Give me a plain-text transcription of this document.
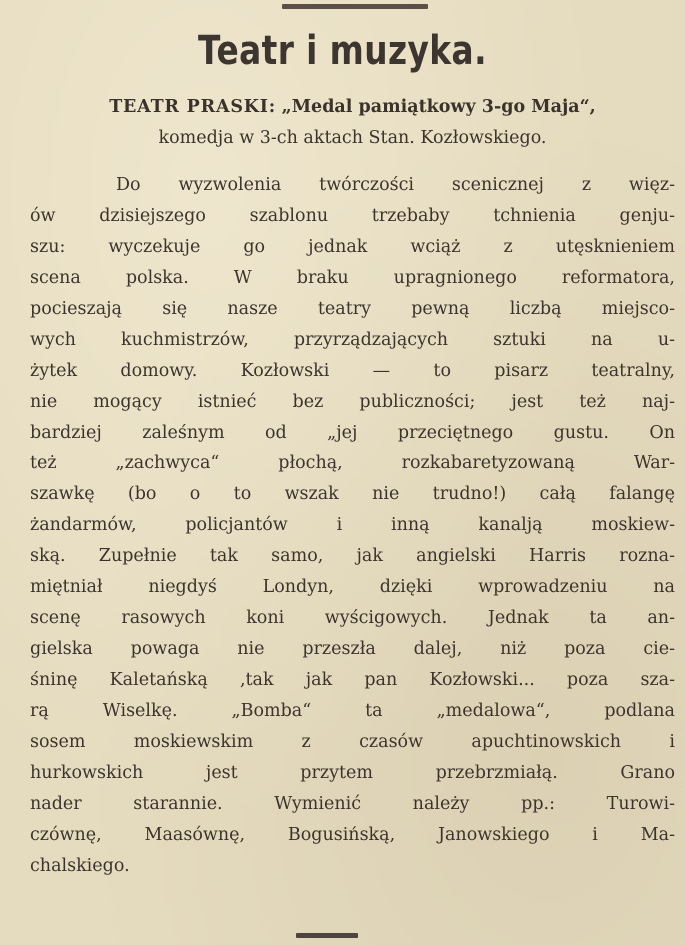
Teatr i muzyka.
TEATR PRASKI: „Medal pamiątkowy 3-go Maja“,
komedja w 3-ch aktach Stan. Kozłowskiego.
Do wyzwolenia twórczości scenicznej z więz-
ów dzisiejszego szablonu trzebaby tchnienia genju-
szu: wyczekuje go jednak wciąż z utęsknieniem
scena polska. W braku upragnionego reformatora,
pocieszają się nasze teatry pewną liczbą miejsco-
wych kuchmistrzów, przyrządzających sztuki na u-
żytek domowy. Kozłowski — to pisarz teatralny,
nie mogący istnieć bez publiczności; jest też naj-
bardziej zaleśnym od „jej przeciętnego gustu. On
też „zachwyca“ płochą, rozkabaretyzowaną War-
szawkę (bo o to wszak nie trudno!) całą falangę
żandarmów, policjantów i inną kanalją moskiew-
ską. Zupełnie tak samo, jak angielski Harris rozna-
miętniał niegdyś Londyn, dzięki wprowadzeniu na
scenę rasowych koni wyścigowych. Jednak ta an-
gielska powaga nie przeszła dalej, niż poza cie-
śninę Kaletańską ,tak jak pan Kozłowski... poza sza-
rą Wiselkę. „Bomba“ ta „medalowa“, podlana
sosem moskiewskim z czasów apuchtinowskich i
hurkowskich jest przytem przebrzmiałą. Grano
nader starannie. Wymienić należy pp.: Turowi-
czównę, Maasównę, Bogusińską, Janowskiego i Ma-
chalskiego.
